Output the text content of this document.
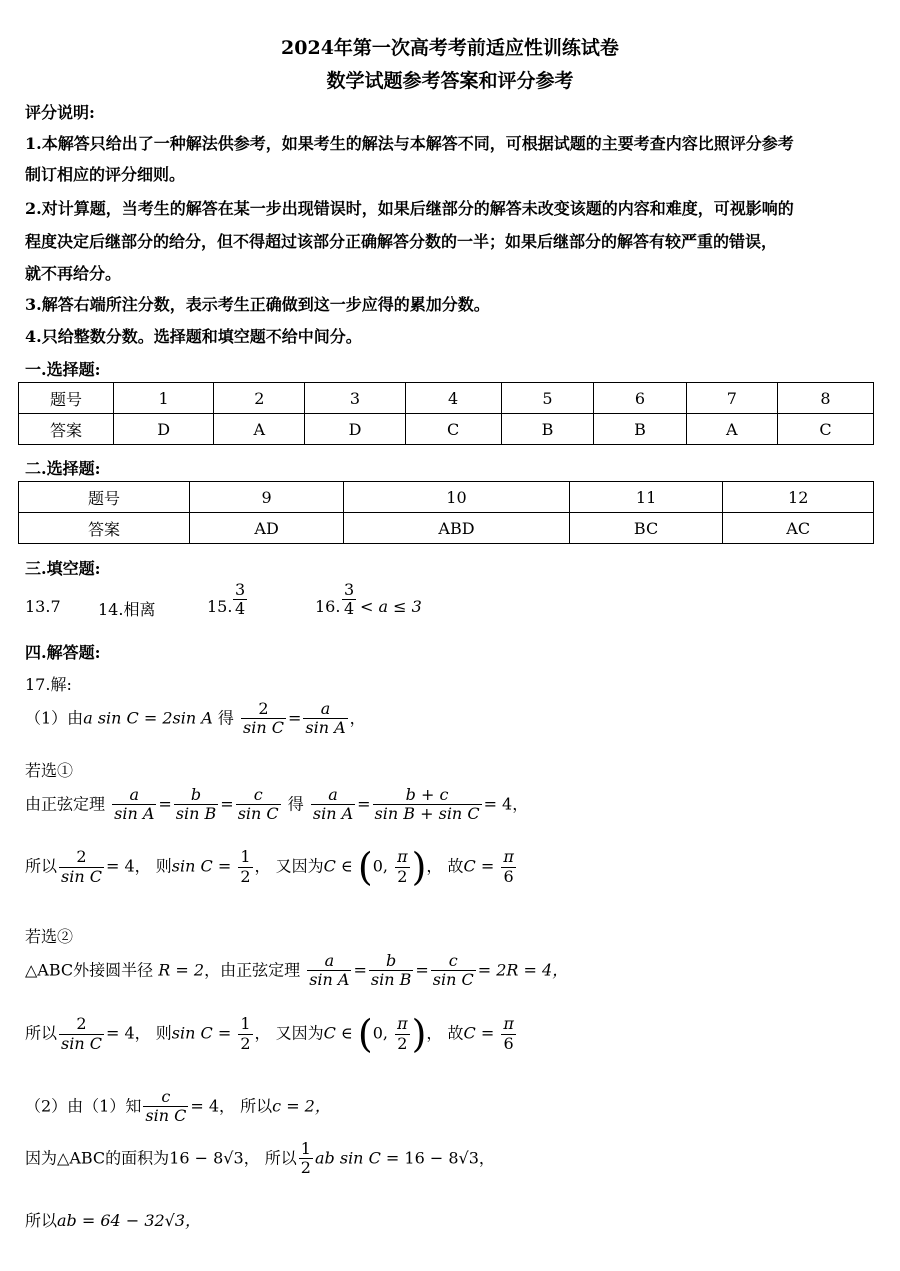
2024年第一次高考考前适应性训练试卷
数学试题参考答案和评分参考
评分说明:
1.本解答只给出了一种解法供参考，如果考生的解法与本解答不同，可根据试题的主要考查内容比照评分参考
制订相应的评分细则。
2.对计算题，当考生的解答在某一步出现错误时，如果后继部分的解答未改变该题的内容和难度，可视影响的
程度决定后继部分的给分，但不得超过该部分正确解答分数的一半；如果后继部分的解答有较严重的错误，
就不再给分。
3.解答右端所注分数，表示考生正确做到这一步应得的累加分数。
4.只给整数分数。选择题和填空题不给中间分。
一.选择题:
题号	1	2	3	4	5	6	7	8
答案	D	A	D	C	B	B	A	C
二.选择题:
题号	9	10	11	12
答案	AD	ABD	BC	AC
三.填空题:
13.7 14.相离	15. $\frac{3}{4}$	16. $\frac{3}{4} < a \le 3$
四.解答题:
17.解:
（1）由a sin C = 2sin A 得 $\frac{2}{\text{sin C}} = \frac{a}{\text{sin A}}$ ，
若选①
由正弦定理 $\frac{a}{\text{sin A}} = \frac{b}{\text{sin B}} = \frac{c}{\text{sin C}}$ 得 $\frac{a}{\text{sin A}} = \frac{b + c}{\text{sin B + sin C}} = 4$，
所以 $\frac{2}{\text{sin C}} = 4$， 则$\sin C = \frac{1}{2}$ ， 又因为C ∈ (0, $\frac{\pi}{2}$ )， 故$C = \frac{\pi}{6}$
若选②
△ABC外接圆半径 R = 2，由正弦定理 $\frac{a}{\text{sin A}} = \frac{b}{\text{sin B}} = \frac{c}{\text{sin C}} = 2R = 4$，
所以 $\frac{2}{\text{sin C}} = 4$， 则$\sin C = \frac{1}{2}$ ， 又因为C ∈ (0, $\frac{\pi}{2}$ )， 故$C = \frac{\pi}{6}$
（2）由（1）知 $\frac{c}{\text{sin C}} = 4$， 所以c = 2，
因为△ABC的面积为16 − 8√3， 所以 $\frac{1}{2}$ ab sin C = 16 − 8√3，
所以ab = 64 − 32√3，
